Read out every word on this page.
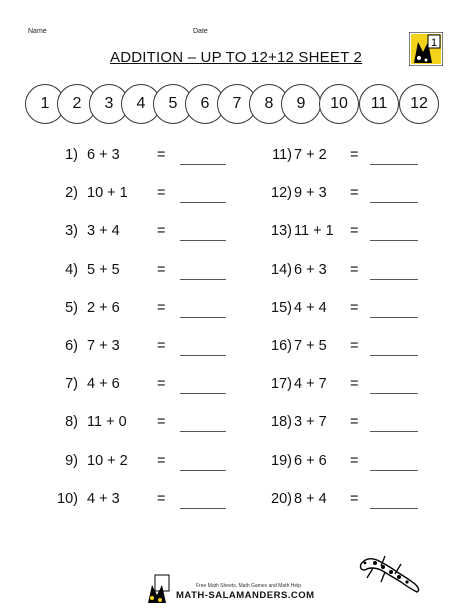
Name	Date
ADDITION – UP TO 12+12 SHEET 2
1
1	2	3	4	5	6	7	8	9	10	11	12
1) 6 + 3	=
2) 10 + 1 =
3) 3 + 4	=
4) 5 + 5	=
5) 2 + 6	=
6) 7 + 3	=
7) 4 + 6	=
8) 11 + 0 =
9) 10 + 2 =
10) 4 + 3	=
11) 7 + 2 =
12) 9 + 3 =
13) 11 + 1 =
14) 6 + 3 =
15) 4 + 4 =
16) 7 + 5 =
17) 4 + 7 =
18) 3 + 7 =
19) 6 + 6 =
20) 8 + 4 =
Free Math Sheets, Math Games and Math Help
MATH-SALAMANDERS.COM
